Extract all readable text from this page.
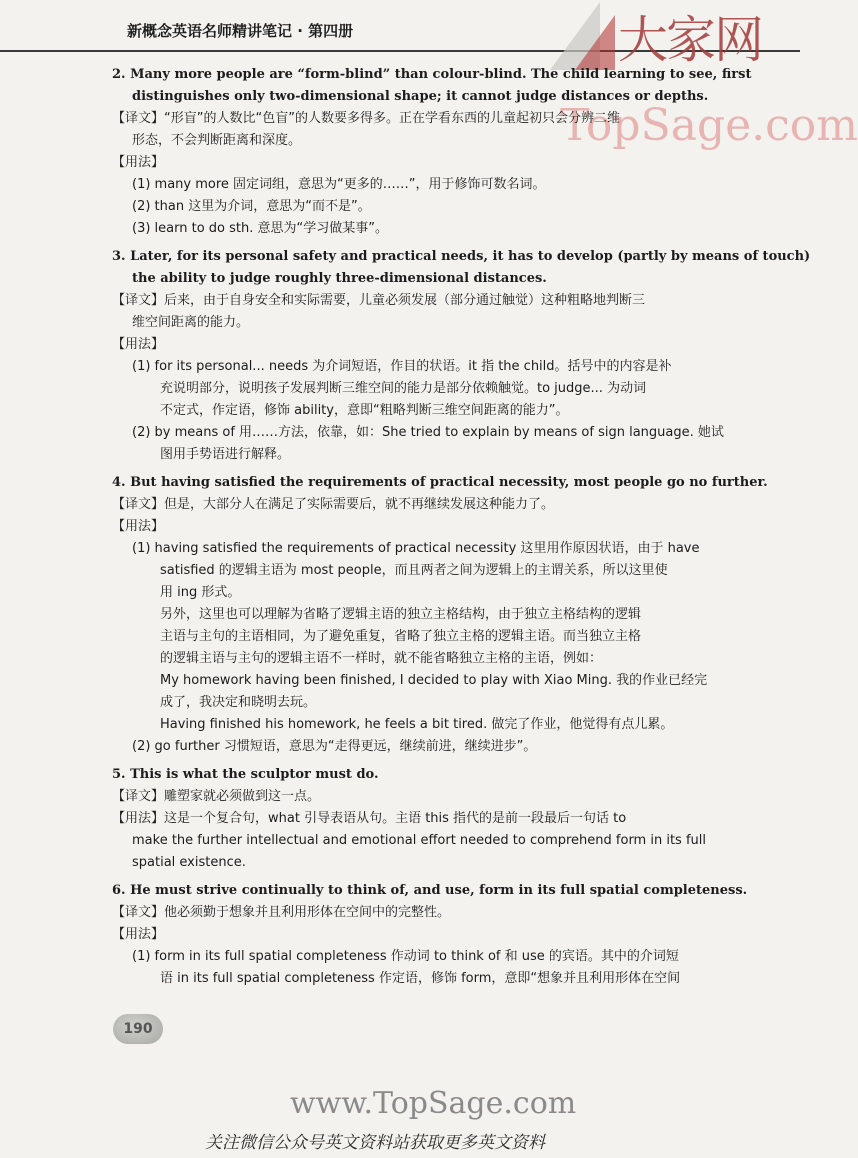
新概念英语名师精讲笔记 · 第四册	大家网
TopSage.com
2. Many more people are “form-blind” than colour-blind. The child learning to see, first
distinguishes only two-dimensional shape; it cannot judge distances or depths.
【译文】“形盲”的人数比“色盲”的人数要多得多。正在学看东西的儿童起初只会分辨二维
形态，不会判断距离和深度。
【用法】
(1) many more 固定词组，意思为“更多的……”，用于修饰可数名词。
(2) than 这里为介词，意思为“而不是”。
(3) learn to do sth. 意思为“学习做某事”。
3. Later, for its personal safety and practical needs, it has to develop (partly by means of touch)
the ability to judge roughly three-dimensional distances.
【译文】后来，由于自身安全和实际需要，儿童必须发展（部分通过触觉）这种粗略地判断三
维空间距离的能力。
【用法】
(1) for its personal... needs 为介词短语，作目的状语。it 指 the child。括号中的内容是补
充说明部分，说明孩子发展判断三维空间的能力是部分依赖触觉。to judge... 为动词
不定式，作定语，修饰 ability，意即“粗略判断三维空间距离的能力”。
(2) by means of 用……方法，依靠，如：She tried to explain by means of sign language. 她试
图用手势语进行解释。
4. But having satisfied the requirements of practical necessity, most people go no further.
【译文】但是，大部分人在满足了实际需要后，就不再继续发展这种能力了。
【用法】
(1) having satisfied the requirements of practical necessity 这里用作原因状语，由于 have
satisfied 的逻辑主语为 most people，而且两者之间为逻辑上的主谓关系，所以这里使
用 ing 形式。
另外，这里也可以理解为省略了逻辑主语的独立主格结构，由于独立主格结构的逻辑
主语与主句的主语相同，为了避免重复，省略了独立主格的逻辑主语。而当独立主格
的逻辑主语与主句的逻辑主语不一样时，就不能省略独立主格的主语，例如：
My homework having been finished, I decided to play with Xiao Ming. 我的作业已经完
成了，我决定和晓明去玩。
Having finished his homework, he feels a bit tired. 做完了作业，他觉得有点儿累。
(2) go further 习惯短语，意思为“走得更远，继续前进，继续进步”。
5. This is what the sculptor must do.
【译文】雕塑家就必须做到这一点。
【用法】这是一个复合句，what 引导表语从句。主语 this 指代的是前一段最后一句话 to
make the further intellectual and emotional effort needed to comprehend form in its full
spatial existence.
6. He must strive continually to think of, and use, form in its full spatial completeness.
【译文】他必须勤于想象并且利用形体在空间中的完整性。
【用法】
(1) form in its full spatial completeness 作动词 to think of 和 use 的宾语。其中的介词短
语 in its full spatial completeness 作定语，修饰 form，意即“想象并且利用形体在空间
190
www.TopSage.com
关注微信公众号英文资料站获取更多英文资料
